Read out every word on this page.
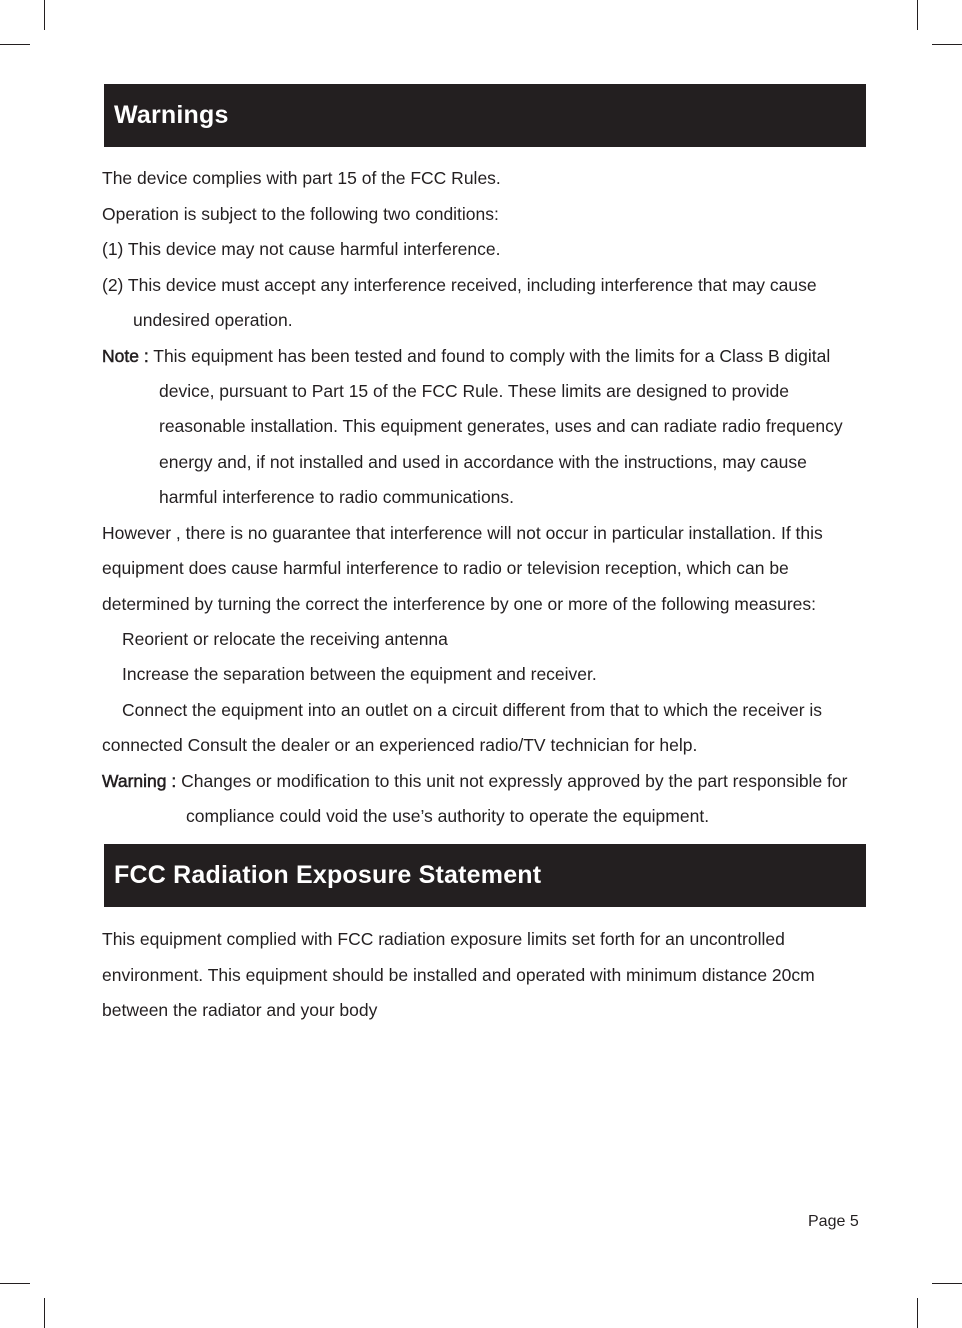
Warnings
The device complies with part 15 of the FCC Rules.
Operation is subject to the following two conditions:
(1) This device may not cause harmful interference.
(2) This device must accept any interference received, including interference that may cause
undesired operation.
Note : This equipment has been tested and found to comply with the limits for a Class B digital
device, pursuant to Part 15 of the FCC Rule. These limits are designed to provide
reasonable installation. This equipment generates, uses and can radiate radio frequency
energy and, if not installed and used in accordance with the instructions, may cause
harmful interference to radio communications.
However , there is no guarantee that interference will not occur in particular installation. If this
equipment does cause harmful interference to radio or television reception, which can be
determined by turning the correct the interference by one or more of the following measures:
Reorient or relocate the receiving antenna
Increase the separation between the equipment and receiver.
Connect the equipment into an outlet on a circuit different from that to which the receiver is
connected Consult the dealer or an experienced radio/TV technician for help.
Warning : Changes or modification to this unit not expressly approved by the part responsible for
compliance could void the use’s authority to operate the equipment.
FCC Radiation Exposure Statement
This equipment complied with FCC radiation exposure limits set forth for an uncontrolled
environment. This equipment should be installed and operated with minimum distance 20cm
between the radiator and your body
Page 5
